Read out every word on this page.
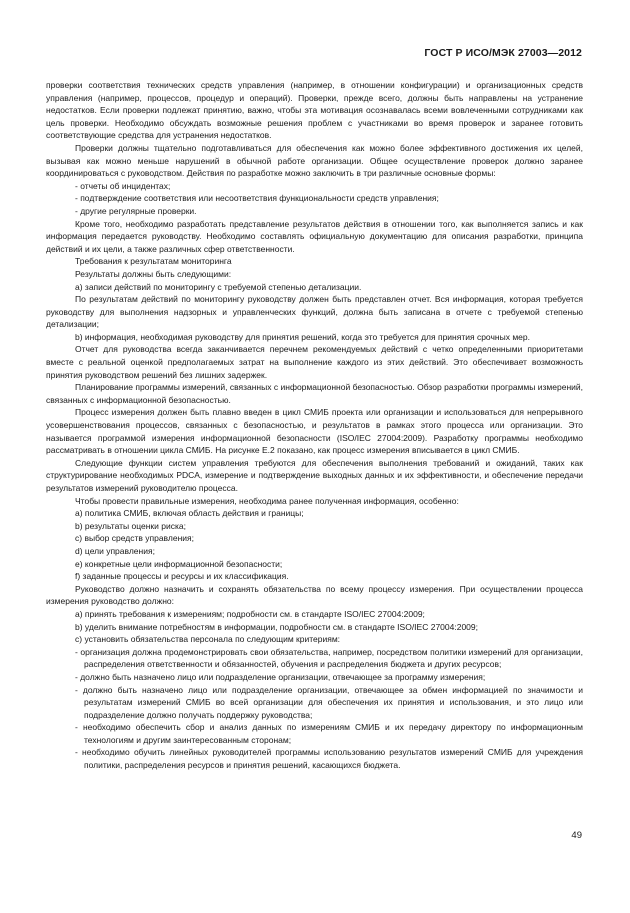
ГОСТ Р ИСО/МЭК 27003—2012

проверки соответствия технических средств управления (например, в отношении конфигурации) и организационных средств управления (например, процессов, процедур и операций). Проверки, прежде всего, должны быть направлены на устранение недостатков. Если проверки подлежат принятию, важно, чтобы эта мотивация осознавалась всеми вовлеченными сотрудниками как цель проверки. Необходимо обсуждать возможные решения проблем с участниками во время проверок и заранее готовить соответствующие средства для устранения недостатков.

Проверки должны тщательно подготавливаться для обеспечения как можно более эффективного достижения их целей, вызывая как можно меньше нарушений в обычной работе организации. Общее осуществление проверок должно заранее координироваться с руководством. Действия по разработке можно заключить в три различные основные формы:

- отчеты об инцидентах;

- подтверждение соответствия или несоответствия функциональности средств управления;

- другие регулярные проверки.

Кроме того, необходимо разработать представление результатов действия в отношении того, как выполняется запись и как информация передается руководству. Необходимо составлять официальную документацию для описания разработки, принципа действий и их цели, а также различных сфер ответственности.

Требования к результатам мониторинга

Результаты должны быть следующими:

a) записи действий по мониторингу с требуемой степенью детализации.

По результатам действий по мониторингу руководству должен быть представлен отчет. Вся информация, которая требуется руководству для выполнения надзорных и управленческих функций, должна быть записана в отчете с требуемой степенью детализации;

b) информация, необходимая руководству для принятия решений, когда это требуется для принятия срочных мер.

Отчет для руководства всегда заканчивается перечнем рекомендуемых действий с четко определенными приоритетами вместе с реальной оценкой предполагаемых затрат на выполнение каждого из этих действий. Это обеспечивает возможность принятия руководством решений без лишних задержек.

Планирование программы измерений, связанных с информационной безопасностью. Обзор разработки программы измерений, связанных с информационной безопасностью.

Процесс измерения должен быть плавно введен в цикл СМИБ проекта или организации и использоваться для непрерывного усовершенствования процессов, связанных с безопасностью, и результатов в рамках этого процесса или организации. Это называется программой измерения информационной безопасности (ISO/IEC 27004:2009). Разработку программы необходимо рассматривать в отношении цикла СМИБ. На рисунке Е.2 показано, как процесс измерения вписывается в цикл СМИБ.

Следующие функции систем управления требуются для обеспечения выполнения требований и ожиданий, таких как структурирование необходимых PDCA, измерение и подтверждение выходных данных и их эффективности, и обеспечение передачи результатов измерений руководителю процесса.

Чтобы провести правильные измерения, необходима ранее полученная информация, особенно:

a) политика СМИБ, включая область действия и границы;

b) результаты оценки риска;

c) выбор средств управления;

d) цели управления;

e) конкретные цели информационной безопасности;

f) заданные процессы и ресурсы и их классификация.

Руководство должно назначить и сохранять обязательства по всему процессу измерения. При осуществлении процесса измерения руководство должно:

a) принять требования к измерениям; подробности см. в стандарте ISO/IEC 27004:2009;

b) уделить внимание потребностям в информации, подробности см. в стандарте ISO/IEC 27004:2009;

c) установить обязательства персонала по следующим критериям:

- организация должна продемонстрировать свои обязательства, например, посредством политики измерений для организации, распределения ответственности и обязанностей, обучения и распределения бюджета и других ресурсов;

- должно быть назначено лицо или подразделение организации, отвечающее за программу измерения;

- должно быть назначено лицо или подразделение организации, отвечающее за обмен информацией по значимости и результатам измерений СМИБ во всей организации для обеспечения их принятия и использования, и это лицо или подразделение должно получать поддержку руководства;

- необходимо обеспечить сбор и анализ данных по измерениям СМИБ и их передачу директору по информационным технологиям и другим заинтересованным сторонам;

- необходимо обучить линейных руководителей программы использованию результатов измерений СМИБ для учреждения политики, распределения ресурсов и принятия решений, касающихся бюджета.

49
